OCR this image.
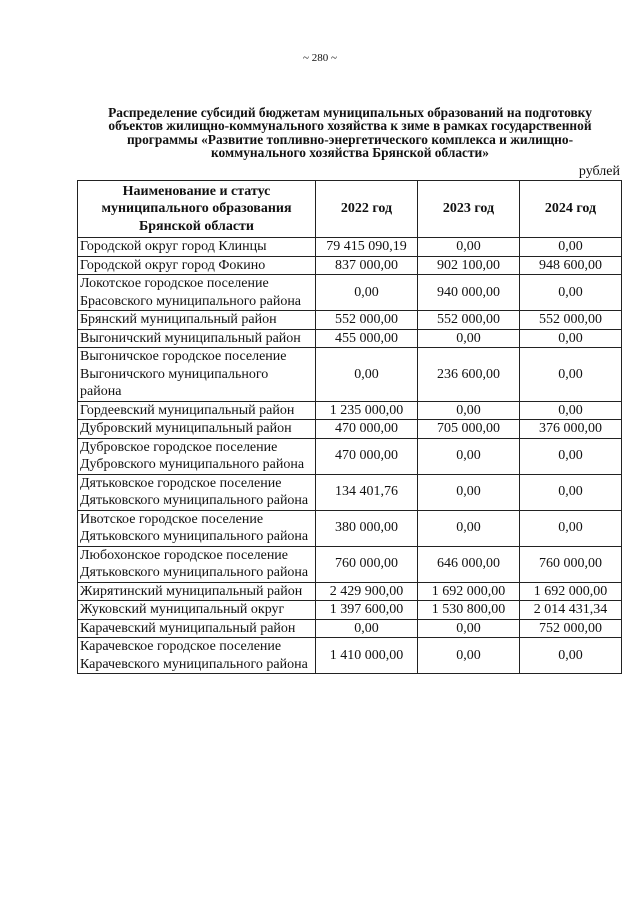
~ 280 ~
Распределение субсидий бюджетам муниципальных образований на подготовку объектов жилищно-коммунального хозяйства к зиме в рамках государственной программы «Развитие топливно-энергетического комплекса и жилищно-коммунального хозяйства Брянской области»
рублей
Наименование и статус муниципального образования Брянской области	2022 год	2023 год	2024 год
Городской округ город Клинцы	79 415 090,19	0,00	0,00
Городской округ город Фокино	837 000,00	902 100,00	948 600,00
Локотское городское поселение Брасовского муниципального района	0,00	940 000,00	0,00
Брянский муниципальный район	552 000,00	552 000,00	552 000,00
Выгоничский муниципальный район	455 000,00	0,00	0,00
Выгоничское городское поселение Выгоничского муниципального района	0,00	236 600,00	0,00
Гордеевский муниципальный район	1 235 000,00	0,00	0,00
Дубровский муниципальный район	470 000,00	705 000,00	376 000,00
Дубровское городское поселение Дубровского муниципального района	470 000,00	0,00	0,00
Дятьковское городское поселение Дятьковского муниципального района	134 401,76	0,00	0,00
Ивотское городское поселение Дятьковского муниципального района	380 000,00	0,00	0,00
Любохонское городское поселение Дятьковского муниципального района	760 000,00	646 000,00	760 000,00
Жирятинский муниципальный район	2 429 900,00	1 692 000,00	1 692 000,00
Жуковский муниципальный округ	1 397 600,00	1 530 800,00	2 014 431,34
Карачевский муниципальный район	0,00	0,00	752 000,00
Карачевское городское поселение Карачевского муниципального района	1 410 000,00	0,00	0,00
